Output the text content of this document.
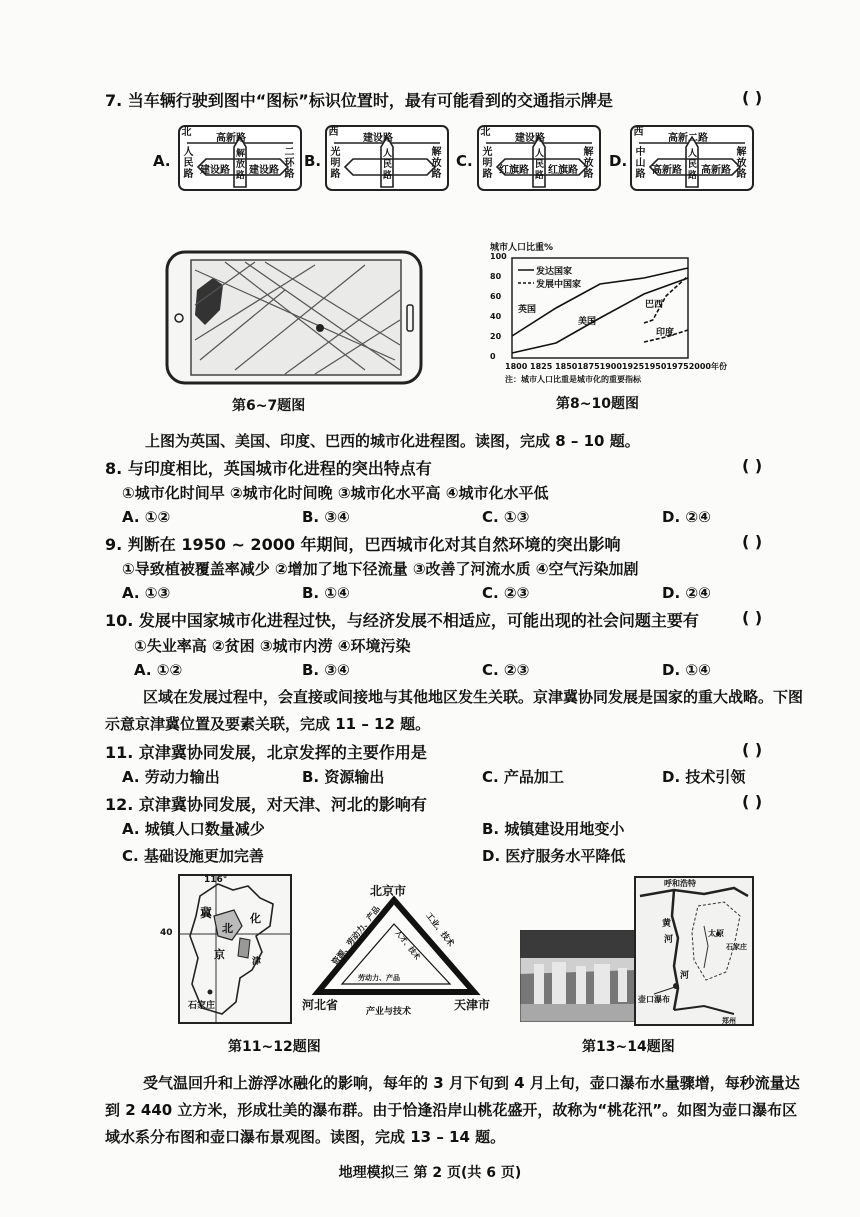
7. 当车辆行驶到图中“图标”标识位置时，最有可能看到的交通指示牌是	( )
A.
北
高新路
人民路 建设路
解放路 建设路
二环路
B.
西
建设路
光明路
人民路
解放路
C.
北
建设路
光明路 红旗路
人民路 红旗路
解放路
D.
西
高新二路
中山路 高新路
人民路 高新路
解放路
第6~7题图
城市人口比重%
100
80
60
40
20
0
发达国家
发展中国家
英国
美国
巴西
印度
1800 1825 1850187519001925195019752000年份
注：城市人口比重是城市化的重要指标
第8~10题图
上图为英国、美国、印度、巴西的城市化进程图。读图，完成 8 – 10 题。
8. 与印度相比，英国城市化进程的突出特点有	( )
①城市化时间早 ②城市化时间晚 ③城市化水平高 ④城市化水平低
A. ①②	B. ③④	C. ①③	D. ②④
9. 判断在 1950 ~ 2000 年期间，巴西城市化对其自然环境的突出影响	( )
①导致植被覆盖率减少 ②增加了地下径流量 ③改善了河流水质 ④空气污染加剧
A. ①③	B. ①④	C. ②③	D. ②④
10. 发展中国家城市化进程过快，与经济发展不相适应，可能出现的社会问题主要有	( )
①失业率高 ②贫困 ③城市内涝 ④环境污染
A. ①②	B. ③④	C. ②③	D. ①④
区域在发展过程中，会直接或间接地与其他地区发生关联。京津冀协同发展是国家的重大战略。下图示意京津冀位置及要素关联，完成 11 – 12 题。
11. 京津冀协同发展，北京发挥的主要作用是	( )
A. 劳动力输出	B. 资源输出	C. 产品加工	D. 技术引领
12. 京津冀协同发展，对天津、河北的影响有	( )
A. 城镇人口数量减少	B. 城镇建设用地变小
C. 基础设施更加完善	D. 医疗服务水平降低
116°
40
冀
北
京
石家庄
津
化
北京市
河北省	天津市
资源、劳动力、产品	工业、技术
产业与技术
人才、技术
劳动力、产品
第11~12题图
呼和浩特
黄
河
太原
石家庄
壶口瀑布
河
郑州
第13~14题图
受气温回升和上游浮冰融化的影响，每年的 3 月下旬到 4 月上旬，壶口瀑布水量骤增，每秒流量达到 2 440 立方米，形成壮美的瀑布群。由于恰逢沿岸山桃花盛开，故称为“桃花汛”。如图为壶口瀑布区域水系分布图和壶口瀑布景观图。读图，完成 13 – 14 题。
地理模拟三 第 2 页(共 6 页)
